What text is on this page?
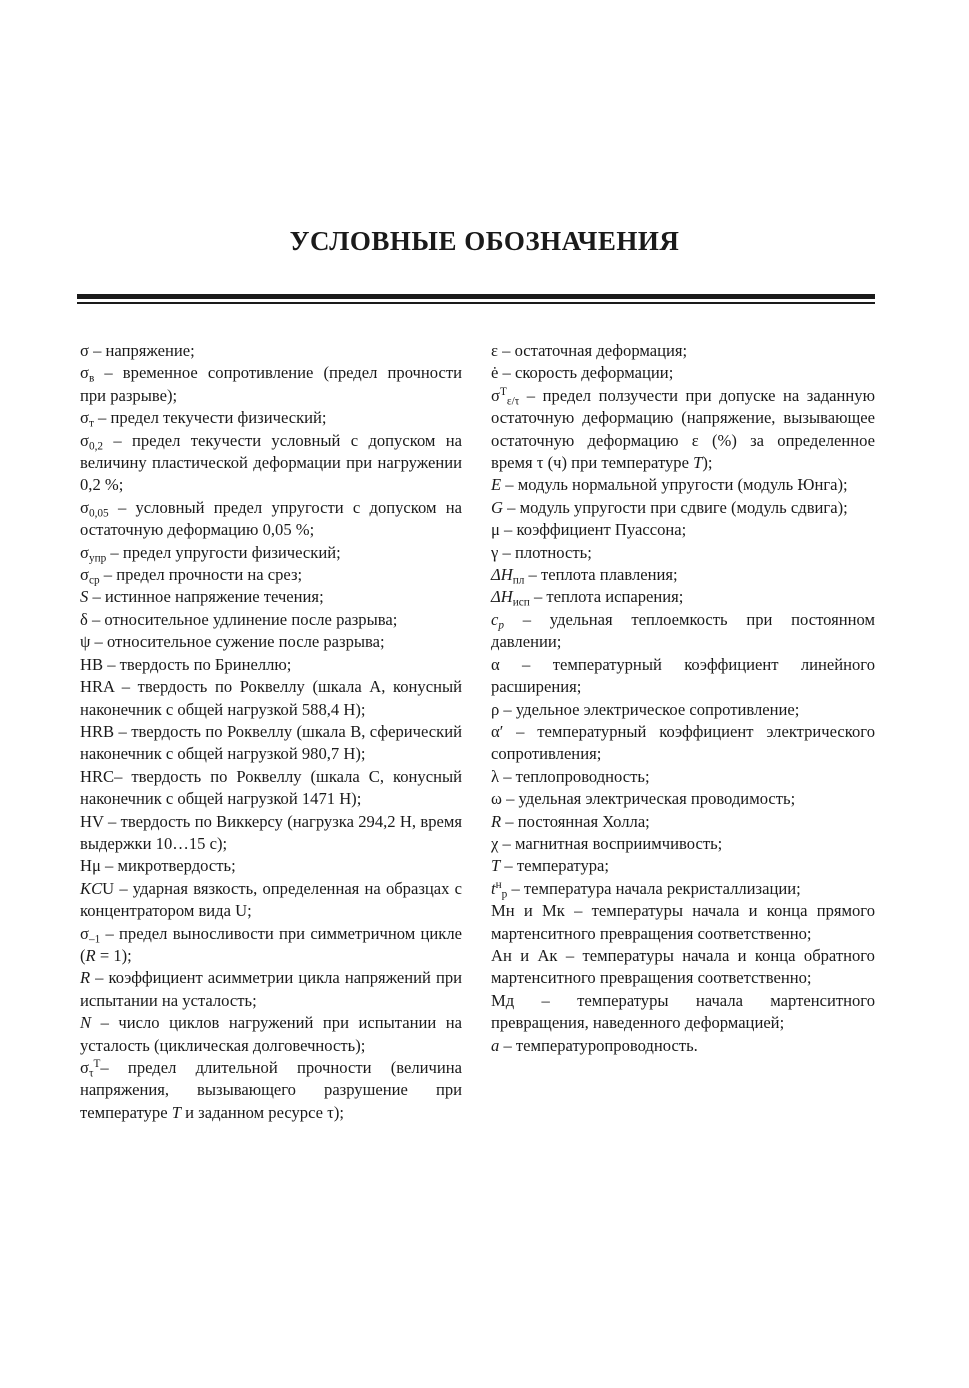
УСЛОВНЫЕ ОБОЗНАЧЕНИЯ

σ – напряжение;

$\sigma_в$ – временное сопротивление (предел прочности при разрыве);

$\sigma_т$ – предел текучести физический;

$\sigma_{0,2}$ – предел текучести условный с допуском на величину пластической деформации при нагружении 0,2 %;

$\sigma_{0,05}$ – условный предел упругости с допуском на остаточную деформацию 0,05 %;

$\sigma_{упр}$ – предел упругости физический;

$\sigma_{ср}$ – предел прочности на срез;

S – истинное напряжение течения;

δ – относительное удлинение после разрыва;

ψ – относительное сужение после разрыва;

HB – твердость по Бринеллю;

HRA – твердость по Роквеллу (шкала А, конусный наконечник с общей нагрузкой 588,4 Н);

HRB – твердость по Роквеллу (шкала В, сферический наконечник с общей нагрузкой 980,7 Н);

HRC– твердость по Роквеллу (шкала С, конусный наконечник с общей нагрузкой 1471 Н);

HV – твердость по Виккерсу (нагрузка 294,2 Н, время выдержки 10…15 с);

Hμ – микротвердость;

KCU – ударная вязкость, определенная на образцах с концентратором вида U;

$\sigma_{-1}$ – предел выносливости при симметричном цикле (R = 1);

R – коэффициент асимметрии цикла напряжений при испытании на усталость;

N – число циклов нагружений при испытании на усталость (циклическая долговечность);

$\sigma_\tau^T-$ предел длительной прочности (величина напряжения, вызывающего разрушение при температуре T и заданном ресурсе τ);

ε – остаточная деформация;

ė – скорость деформации;

$\sigma^T_{\varepsilon/\tau}$ – предел ползучести при допуске на заданную остаточную деформацию (напряжение, вызывающее остаточную деформацию ε (%) за определенное время τ (ч) при температуре T);

E – модуль нормальной упругости (модуль Юнга);

G – модуль упругости при сдвиге (модуль сдвига);

μ – коэффициент Пуассона;

γ – плотность;

$\Delta H_{пл}$ – теплота плавления;

$\Delta H_{исп}$ – теплота испарения;

$c_p$ – удельная теплоемкость при постоянном давлении;

α – температурный коэффициент линейного расширения;

ρ – удельное электрическое сопротивление;

α′ – температурный коэффициент электрического сопротивления;

λ – теплопроводность;

ω – удельная электрическая проводимость;

R – постоянная Холла;

χ – магнитная восприимчивость;

T – температура;

$t^н_р$ – температура начала рекристаллизации;

Мн и Мк – температуры начала и конца прямого мартенситного превращения соответственно;

Ан и Ак – температуры начала и конца обратного мартенситного превращения соответственно;

Мд – температуры начала мартенситного превращения, наведенного деформацией;

a – температуропроводность.
